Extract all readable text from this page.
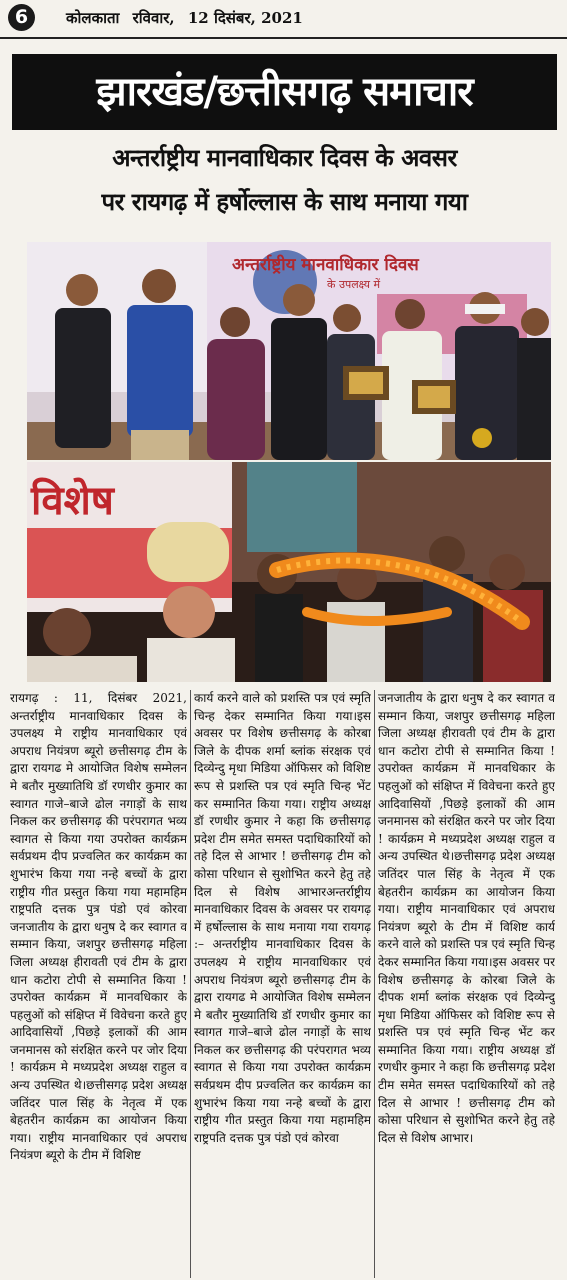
6	कोलकाता रविवार, 12 दिसंबर, 2021
झारखंड/छत्तीसगढ़ समाचार
अन्तर्राष्ट्रीय मानवाधिकार दिवस के अवसर
पर रायगढ़ में हर्षोल्लास के साथ मनाया गया
अन्तर्राष्ट्रीय मानवाधिकार दिवस
के उपलक्ष्य में
विशेष

रायगढ़ : 11, दिसंबर 2021, अन्तर्राष्ट्रीय मानवाधिकार दिवस के उपलक्ष्य मे राष्ट्रीय मानवाधिकार एवं अपराध नियंत्रण ब्यूरो छत्तीसगढ़ टीम के द्वारा रायगढ मे आयोजित विशेष सम्मेलन मे बतौर मुख्यातिथि डॉ रणधीर कुमार का स्वागत गाजे–बाजे ढोल नगाड़ों के साथ निकल कर छत्तीसगढ़ की परंपरागत भव्य स्वागत से किया गया उपरोक्त कार्यक्रम सर्वप्रथम दीप प्रज्वलित कर कार्यक्रम का शुभारंभ किया गया नन्हे बच्चों के द्वारा राष्ट्रीय गीत प्रस्तुत किया गया महामहिम राष्ट्रपति दत्तक पुत्र पंडो एवं कोरवा जनजातीय के द्वारा धनुष दे कर स्वागत व सम्मान किया, जशपुर छत्तीसगढ़ महिला जिला अध्यक्ष हीरावती एवं टीम के द्वारा धान कटोरा टोपी से सम्मानित किया ! उपरोक्त कार्यक्रम में मानवधिकार के पहलुओं को संक्षिप्त में विवेचना करते हुए आदिवासियों ,पिछड़े इलाकों की आम जनमानस को संरक्षित करने पर जोर दिया ! कार्यक्रम मे मध्यप्रदेश अध्यक्ष राहुल व अन्य उपस्थित थे।छत्तीसगढ़ प्रदेश अध्यक्ष जतिंदर पाल सिंह के नेतृत्व में एक बेहतरीन कार्यक्रम का आयोजन किया गया। राष्ट्रीय मानवाधिकार एवं अपराध नियंत्रण ब्यूरो के टीम में विशिष्ट

कार्य करने वाले को प्रशस्ति पत्र एवं स्मृति चिन्ह देकर सम्मानित किया गया।इस अवसर पर विशेष छत्तीसगढ़ के कोरबा जिले के दीपक शर्मा ब्लांक संरक्षक एवं दिव्येन्दु मृधा मिडिया ऑफिसर को विशिष्ट रूप से प्रशस्ति पत्र एवं स्मृति चिन्ह भेंट कर सम्मानित किया गया। राष्ट्रीय अध्यक्ष डॉ रणधीर कुमार ने कहा कि छत्तीसगढ़ प्रदेश टीम समेत समस्त पदाधिकारियों को तहे दिल से आभार ! छत्तीसगढ़ टीम को कोसा परिधान से सुशोभित करने हेतु तहे दिल से विशेष आभारअन्तर्राष्ट्रीय मानवाधिकार दिवस के अवसर पर रायगढ़ में हर्षोल्लास के साथ मनाया गया रायगढ़ :– अन्तर्राष्ट्रीय मानवाधिकार दिवस के उपलक्ष्य मे राष्ट्रीय मानवाधिकार एवं अपराध नियंत्रण ब्यूरो छत्तीसगढ़ टीम के द्वारा रायगढ मे आयोजित विशेष सम्मेलन मे बतौर मुख्यातिथि डॉ रणधीर कुमार का स्वागत गाजे–बाजे ढोल नगाड़ों के साथ निकल कर छत्तीसगढ़ की परंपरागत भव्य स्वागत से किया गया उपरोक्त कार्यक्रम सर्वप्रथम दीप प्रज्वलित कर कार्यक्रम का शुभारंभ किया गया नन्हे बच्चों के द्वारा राष्ट्रीय गीत प्रस्तुत किया गया महामहिम राष्ट्रपति दत्तक पुत्र पंडो एवं कोरवा

जनजातीय के द्वारा धनुष दे कर स्वागत व सम्मान किया, जशपुर छत्तीसगढ़ महिला जिला अध्यक्ष हीरावती एवं टीम के द्वारा धान कटोरा टोपी से सम्मानित किया ! उपरोक्त कार्यक्रम में मानवधिकार के पहलुओं को संक्षिप्त में विवेचना करते हुए आदिवासियों ,पिछड़े इलाकों की आम जनमानस को संरक्षित करने पर जोर दिया ! कार्यक्रम मे मध्यप्रदेश अध्यक्ष राहुल व अन्य उपस्थित थे।छत्तीसगढ़ प्रदेश अध्यक्ष जतिंदर पाल सिंह के नेतृत्व में एक बेहतरीन कार्यक्रम का आयोजन किया गया। राष्ट्रीय मानवाधिकार एवं अपराध नियंत्रण ब्यूरो के टीम में विशिष्ट कार्य करने वाले को प्रशस्ति पत्र एवं स्मृति चिन्ह देकर सम्मानित किया गया।इस अवसर पर विशेष छत्तीसगढ़ के कोरबा जिले के दीपक शर्मा ब्लांक संरक्षक एवं दिव्येन्दु मृधा मिडिया ऑफिसर को विशिष्ट रूप से प्रशस्ति पत्र एवं स्मृति चिन्ह भेंट कर सम्मानित किया गया। राष्ट्रीय अध्यक्ष डॉ रणधीर कुमार ने कहा कि छत्तीसगढ़ प्रदेश टीम समेत समस्त पदाधिकारियों को तहे दिल से आभार ! छत्तीसगढ़ टीम को कोसा परिधान से सुशोभित करने हेतु तहे दिल से विशेष आभार।
